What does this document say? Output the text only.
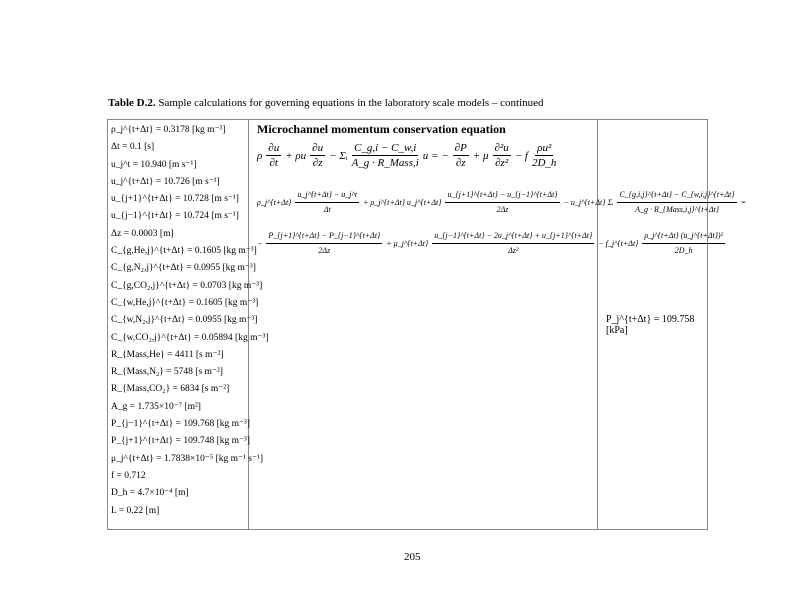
Table D.2. Sample calculations for governing equations in the laboratory scale models – continued
ρ_j^{t+Δt} = 0.3178 [kg m⁻³]
Δt = 0.1 [s]
u_j^t = 10.940 [m s⁻¹]
u_j^{t+Δt} = 10.726 [m s⁻¹]
u_{j+1}^{t+Δt} = 10.728 [m s⁻¹]
u_{j−1}^{t+Δt} = 10.724 [m s⁻¹]
Δz = 0.0003 [m]
C_{g,He,j}^{t+Δt} = 0.1605 [kg m⁻³]
C_{g,N₂,j}^{t+Δt} = 0.0955 [kg m⁻³]
C_{g,CO₂,j}^{t+Δt} = 0.0703 [kg m⁻³]
C_{w,He,j}^{t+Δt} = 0.1605 [kg m⁻³]
C_{w,N₂,j}^{t+Δt} = 0.0955 [kg m⁻³]
C_{w,CO₂,j}^{t+Δt} = 0.05894 [kg m⁻³]
R_{Mass,He} = 4411 [s m⁻²]
R_{Mass,N₂} = 5748 [s m⁻²]
R_{Mass,CO₂} = 6834 [s m⁻²]
A_g = 1.735×10⁻⁷ [m²]
P_{j−1}^{t+Δt} = 109.768 [kg m⁻³]
P_{j+1}^{t+Δt} = 109.748 [kg m⁻³]
μ_j^{t+Δt} = 1.7838×10⁻⁵ [kg m⁻¹ s⁻¹]
f = 0.712
D_h = 4.7×10⁻⁴ [m]
L = 0.22 [m]
Microchannel momentum conservation equation
ρ $\frac{\partial u}{\partial t} + \rho u \frac{\partial u}{\partial z}$ − Σᵢ $\frac{C\_g,i - C\_w,i}{\text{A\_g · R\_Mass,i}}$ u = − $\frac{\partial P}{\partial z} + \mu \frac{\text{∂²u}}{\text{∂z²}} - f \frac{\text{ρu²}}{2D\_h}$
ρ_j^{t+Δt} $\frac{u\_j\^{}\{t+\Delta t\} - u\_j\^{}t}{\Delta t}$ + ρ_j^{t+Δt} u_j^{t+Δt} $\frac{u\_\{j+1\}\^{}\{t+\Delta t\} - u\_\{j-1\}\^{}\{t+\Delta t\}}{2\Delta z}$ − u_j^{t+Δt} Σᵢ $\frac{C\_\{g,i,j\}\^{}\{t+\Delta t\} - C\_\{w,i,j\}\^{}\{t+\Delta t\}}{\text{A\_g · R\_\{Mass,i,j\}\textasciicircum{}\{t+Δt\}}}$ =
− $\frac{P\_\{j+1\}\^{}\{t+\Delta t\} - P\_\{j-1\}\^{}\{t+\Delta t\}}{2\Delta z}$ + μ_j^{t+Δt} $\frac{u\_\{j-1\}\^{}\{t+\Delta t\} - 2u\_j\^{}\{t+\Delta t\} + u\_\{j+1\}\^{}\{t+\Delta t\}}{\text{Δz²}}$ − f_j^{t+Δt} $\frac{\text{ρ\_j\textasciicircum{}\{t+Δt\} (u\_j\textasciicircum{}\{t+Δt\})²}}{2D\_h}$
P_j^{t+Δt} = 109.758 [kPa]
205
